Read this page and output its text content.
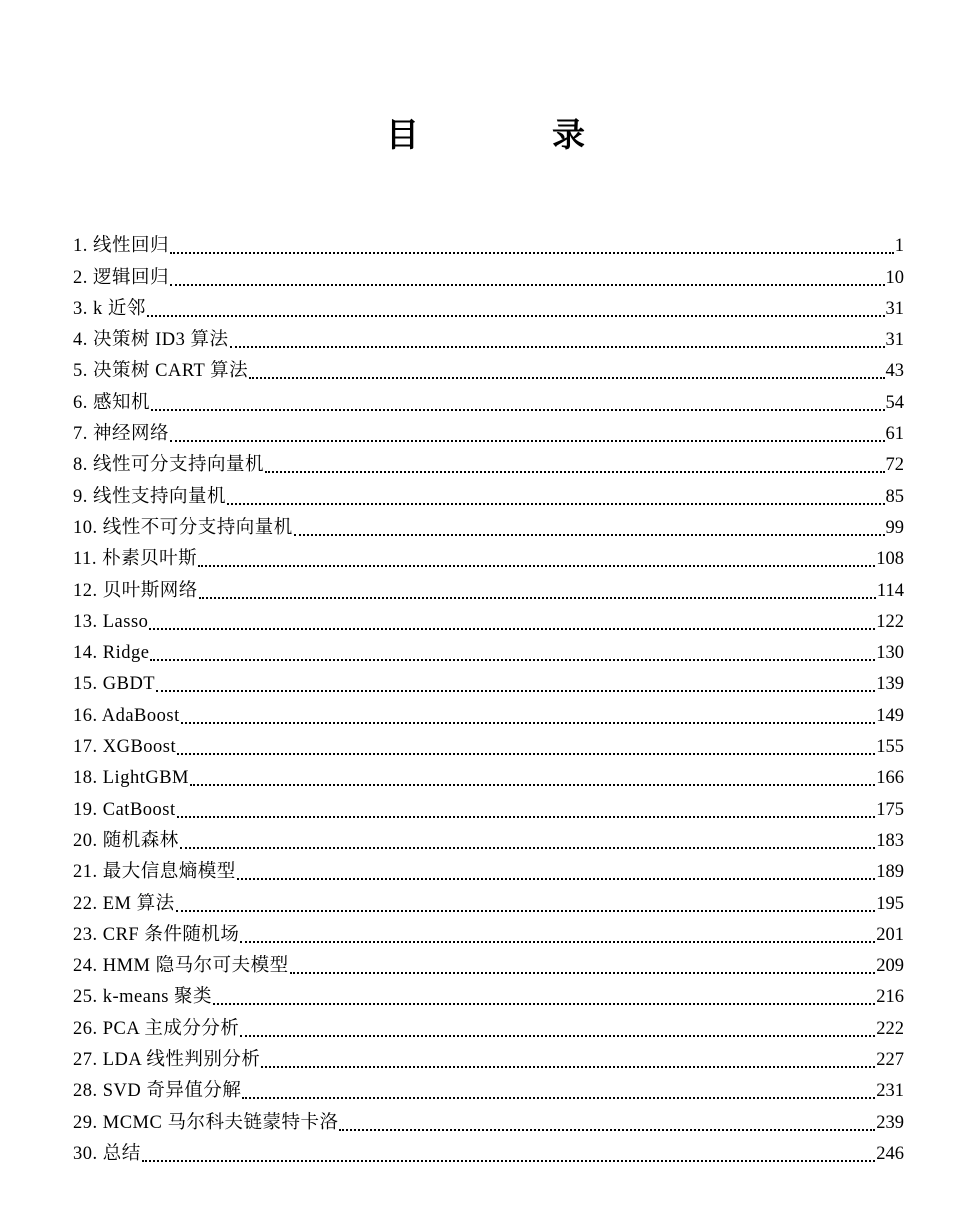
目　录
1. 线性回归	1
2. 逻辑回归	10
3. k 近邻	31
4. 决策树 ID3 算法	31
5. 决策树 CART 算法	43
6. 感知机	54
7. 神经网络	61
8. 线性可分支持向量机	72
9. 线性支持向量机	85
10. 线性不可分支持向量机	99
11. 朴素贝叶斯	108
12. 贝叶斯网络	114
13. Lasso	122
14. Ridge	130
15. GBDT	139
16. AdaBoost	149
17. XGBoost	155
18. LightGBM	166
19. CatBoost	175
20. 随机森林	183
21. 最大信息熵模型	189
22. EM 算法	195
23. CRF 条件随机场	201
24. HMM 隐马尔可夫模型	209
25. k-means 聚类	216
26. PCA 主成分分析	222
27. LDA 线性判别分析	227
28. SVD 奇异值分解	231
29. MCMC 马尔科夫链蒙特卡洛	239
30. 总结	246
